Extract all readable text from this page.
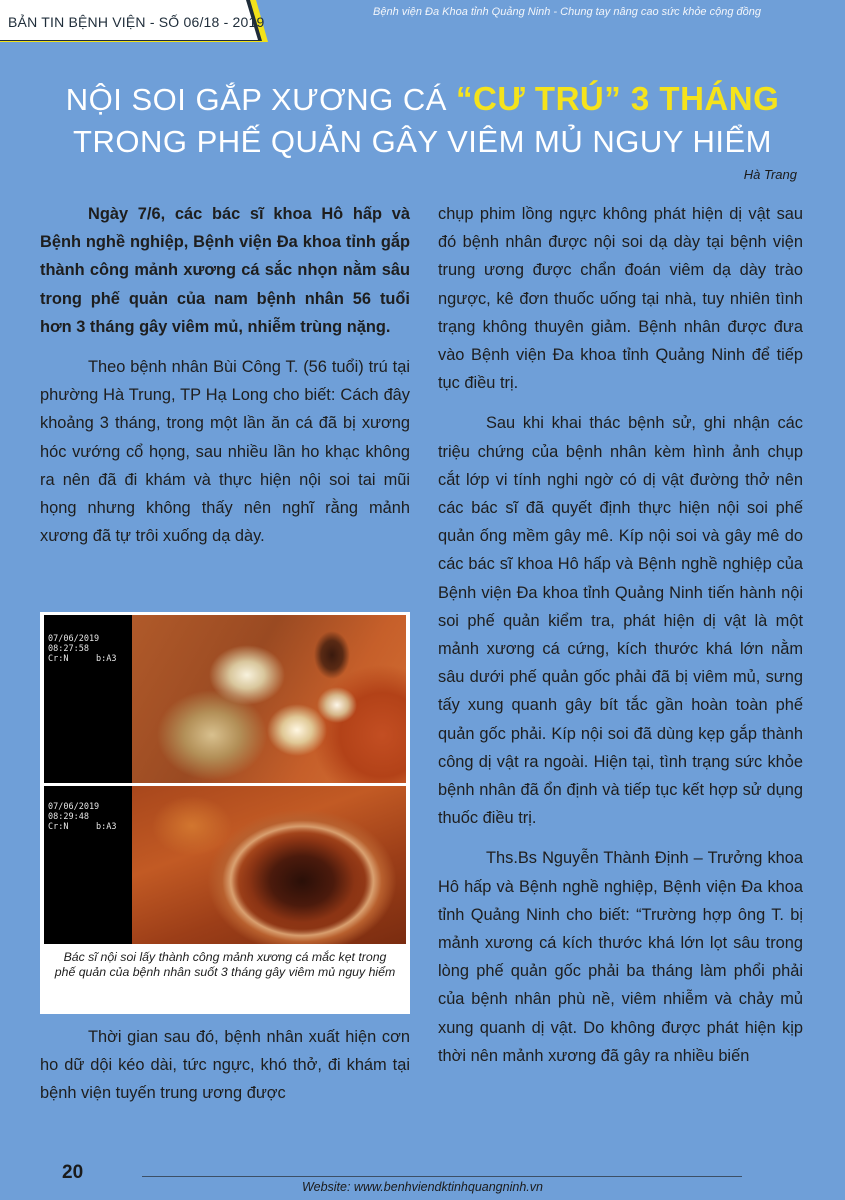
BẢN TIN BỆNH VIỆN - SỐ 06/18 - 2019
Bệnh viện Đa Khoa tỉnh Quảng Ninh - Chung tay nâng cao sức khỏe cộng đồng
NỘI SOI GẮP XƯƠNG CÁ “CƯ TRÚ” 3 THÁNG
TRONG PHẾ QUẢN GÂY VIÊM MỦ NGUY HIỂM
Hà Trang

Ngày 7/6, các bác sĩ khoa Hô hấp và Bệnh nghề nghiệp, Bệnh viện Đa khoa tỉnh gắp thành công mảnh xương cá sắc nhọn nằm sâu trong phế quản của nam bệnh nhân 56 tuổi hơn 3 tháng gây viêm mủ, nhiễm trùng nặng.

Theo bệnh nhân Bùi Công T. (56 tuổi) trú tại phường Hà Trung, TP Hạ Long cho biết: Cách đây khoảng 3 tháng, trong một lần ăn cá đã bị xương hóc vướng cổ họng, sau nhiều lần ho khạc không ra nên đã đi khám và thực hiện nội soi tai mũi họng nhưng không thấy nên nghĩ rằng mảnh xương đã tự trôi xuống dạ dày.

07/06/2019
08:27:58
Cr:N	b:A3
07/06/2019
08:29:48
Cr:N	b:A3
Bác sĩ nội soi lấy thành công mảnh xương cá mắc kẹt trong phế quản của bệnh nhân suốt 3 tháng gây viêm mủ nguy hiểm

Thời gian sau đó, bệnh nhân xuất hiện cơn ho dữ dội kéo dài, tức ngực, khó thở, đi khám tại bệnh viện tuyến trung ương được

chụp phim lồng ngực không phát hiện dị vật sau đó bệnh nhân được nội soi dạ dày tại bệnh viện trung ương được chẩn đoán viêm dạ dày trào ngược, kê đơn thuốc uống tại nhà, tuy nhiên tình trạng không thuyên giảm. Bệnh nhân được đưa vào Bệnh viện Đa khoa tỉnh Quảng Ninh để tiếp tục điều trị.

Sau khi khai thác bệnh sử, ghi nhận các triệu chứng của bệnh nhân kèm hình ảnh chụp cắt lớp vi tính nghi ngờ có dị vật đường thở nên các bác sĩ đã quyết định thực hiện nội soi phế quản ống mềm gây mê. Kíp nội soi và gây mê do các bác sĩ khoa Hô hấp và Bệnh nghề nghiệp của Bệnh viện Đa khoa tỉnh Quảng Ninh tiến hành nội soi phế quản kiểm tra, phát hiện dị vật là một mảnh xương cá cứng, kích thước khá lớn nằm sâu dưới phế quản gốc phải đã bị viêm mủ, sưng tấy xung quanh gây bít tắc gần hoàn toàn phế quản gốc phải. Kíp nội soi đã dùng kẹp gắp thành công dị vật ra ngoài. Hiện tại, tình trạng sức khỏe bệnh nhân đã ổn định và tiếp tục kết hợp sử dụng thuốc điều trị.

Ths.Bs Nguyễn Thành Định – Trưởng khoa Hô hấp và Bệnh nghề nghiệp, Bệnh viện Đa khoa tỉnh Quảng Ninh cho biết: “Trường hợp ông T. bị mảnh xương cá kích thước khá lớn lọt sâu trong lòng phế quản gốc phải ba tháng làm phổi phải của bệnh nhân phù nề, viêm nhiễm và chảy mủ xung quanh dị vật. Do không được phát hiện kịp thời nên mảnh xương đã gây ra nhiều biến

20
Website: www.benhviendktinhquangninh.vn
